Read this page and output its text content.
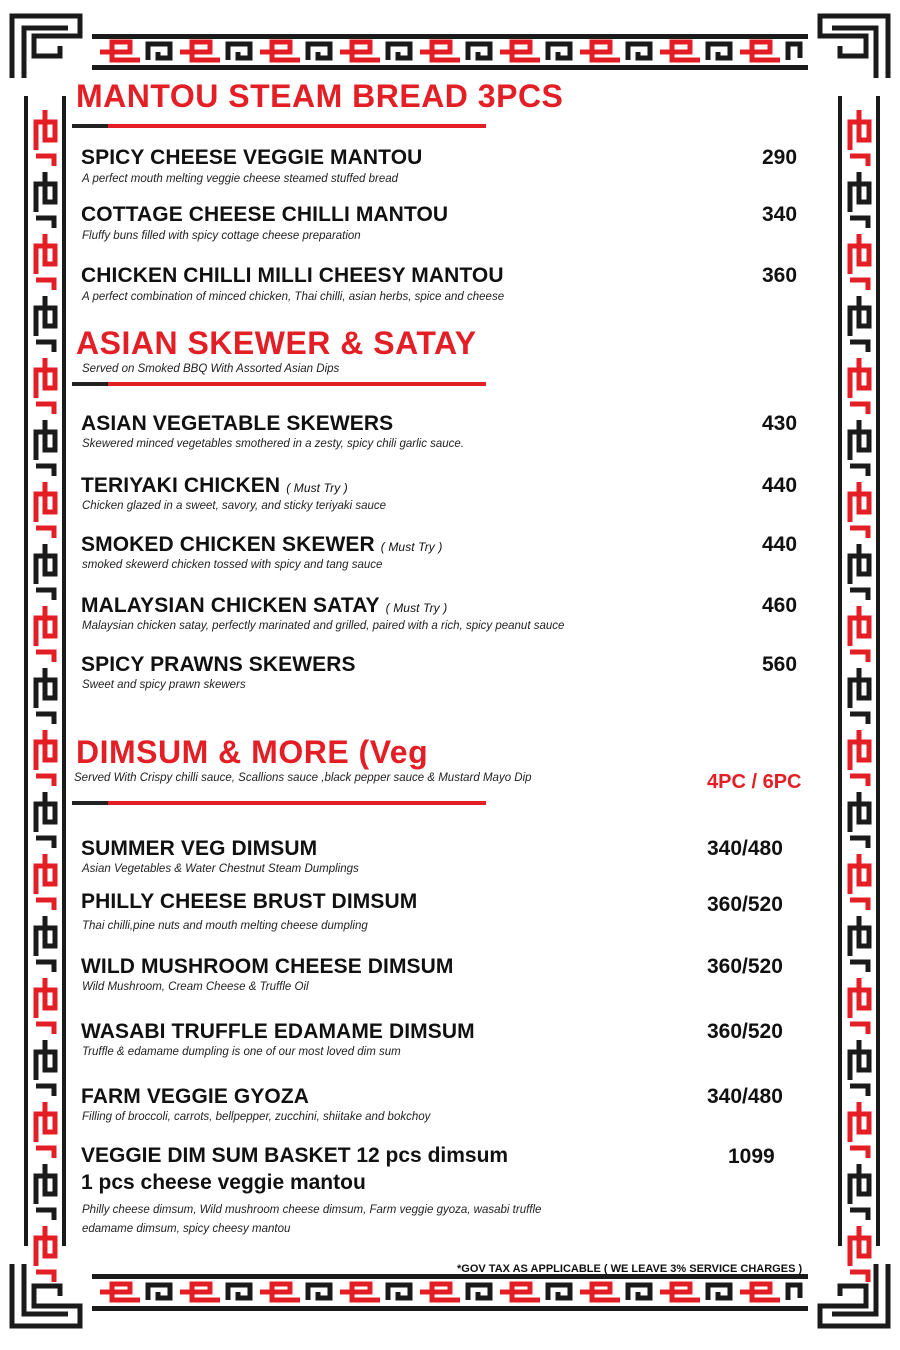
MANTOU STEAM BREAD 3PCS
SPICY CHEESE VEGGIE MANTOU
A perfect mouth melting veggie cheese steamed stuffed bread
290
COTTAGE CHEESE CHILLI MANTOU
Fluffy buns filled with spicy cottage cheese preparation
340
CHICKEN CHILLI MILLI CHEESY MANTOU
A perfect combination of minced chicken, Thai chilli, asian herbs, spice and cheese
360
ASIAN SKEWER & SATAY
Served on Smoked BBQ With Assorted Asian Dips
ASIAN VEGETABLE SKEWERS
Skewered minced vegetables smothered in a zesty, spicy chili garlic sauce.
430
TERIYAKI CHICKEN ( Must Try )
Chicken glazed in a sweet, savory, and sticky teriyaki sauce
440
SMOKED CHICKEN SKEWER ( Must Try )
smoked skewerd chicken tossed with spicy and tang sauce
440
MALAYSIAN CHICKEN SATAY ( Must Try )
Malaysian chicken satay, perfectly marinated and grilled, paired with a rich, spicy peanut sauce
460
SPICY PRAWNS SKEWERS
Sweet and spicy prawn skewers
560
DIMSUM & MORE (Veg
Served With Crispy chilli sauce, Scallions sauce ,black pepper sauce & Mustard Mayo Dip	4PC / 6PC
SUMMER VEG DIMSUM
Asian Vegetables & Water Chestnut Steam Dumplings
340/480
PHILLY CHEESE BRUST DIMSUM
Thai chilli,pine nuts and mouth melting cheese dumpling
360/520
WILD MUSHROOM CHEESE DIMSUM
Wild Mushroom, Cream Cheese & Truffle Oil
360/520
WASABI TRUFFLE EDAMAME DIMSUM
Truffle & edamame dumpling is one of our most loved dim sum
360/520
FARM VEGGIE GYOZA
Filling of broccoli, carrots, bellpepper, zucchini, shiitake and bokchoy
340/480
VEGGIE DIM SUM BASKET 12 pcs dimsum
1 pcs cheese veggie mantou
1099
Philly cheese dimsum, Wild mushroom cheese dimsum, Farm veggie gyoza, wasabi truffle
edamame dimsum, spicy cheesy mantou
*GOV TAX AS APPLICABLE ( WE LEAVE 3% SERVICE CHARGES )
